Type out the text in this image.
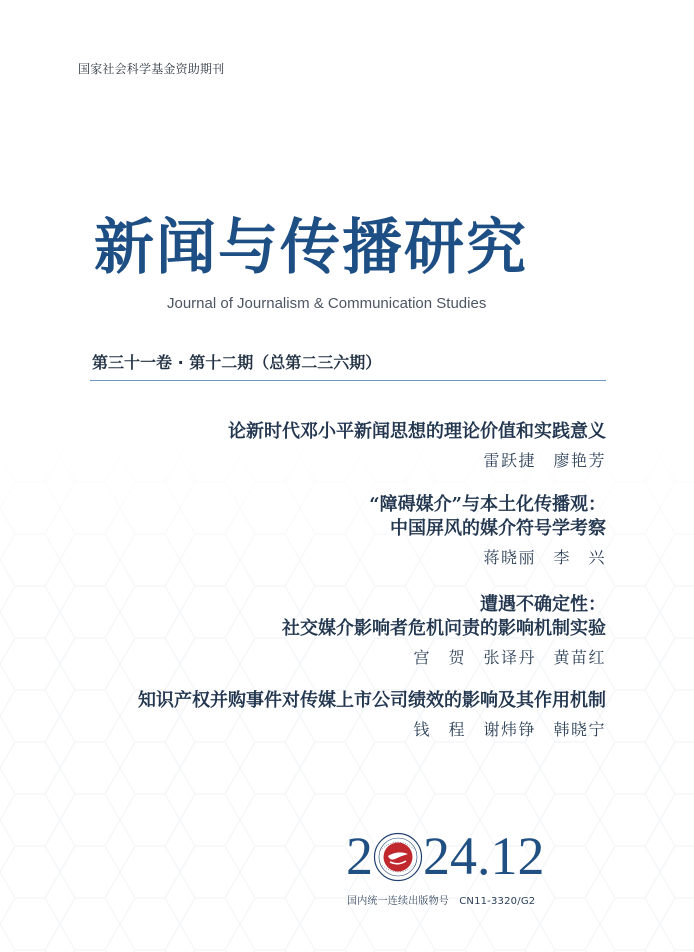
国家社会科学基金资助期刊
新闻与传播研究
Journal of Journalism & Communication Studies
第三十一卷 · 第十二期（总第二三六期）
论新时代邓小平新闻思想的理论价值和实践意义
雷跃捷　廖艳芳
“障碍媒介”与本土化传播观：
中国屏风的媒介符号学考察
蒋晓丽　李　兴
遭遇不确定性：
社交媒介影响者危机问责的影响机制实验
宫　贺　张译丹　黄苗红
知识产权并购事件对传媒上市公司绩效的影响及其作用机制
钱　程　谢炜铮　韩晓宁
2 24.12
国内统一连续出版物号　CN11-3320/G2
